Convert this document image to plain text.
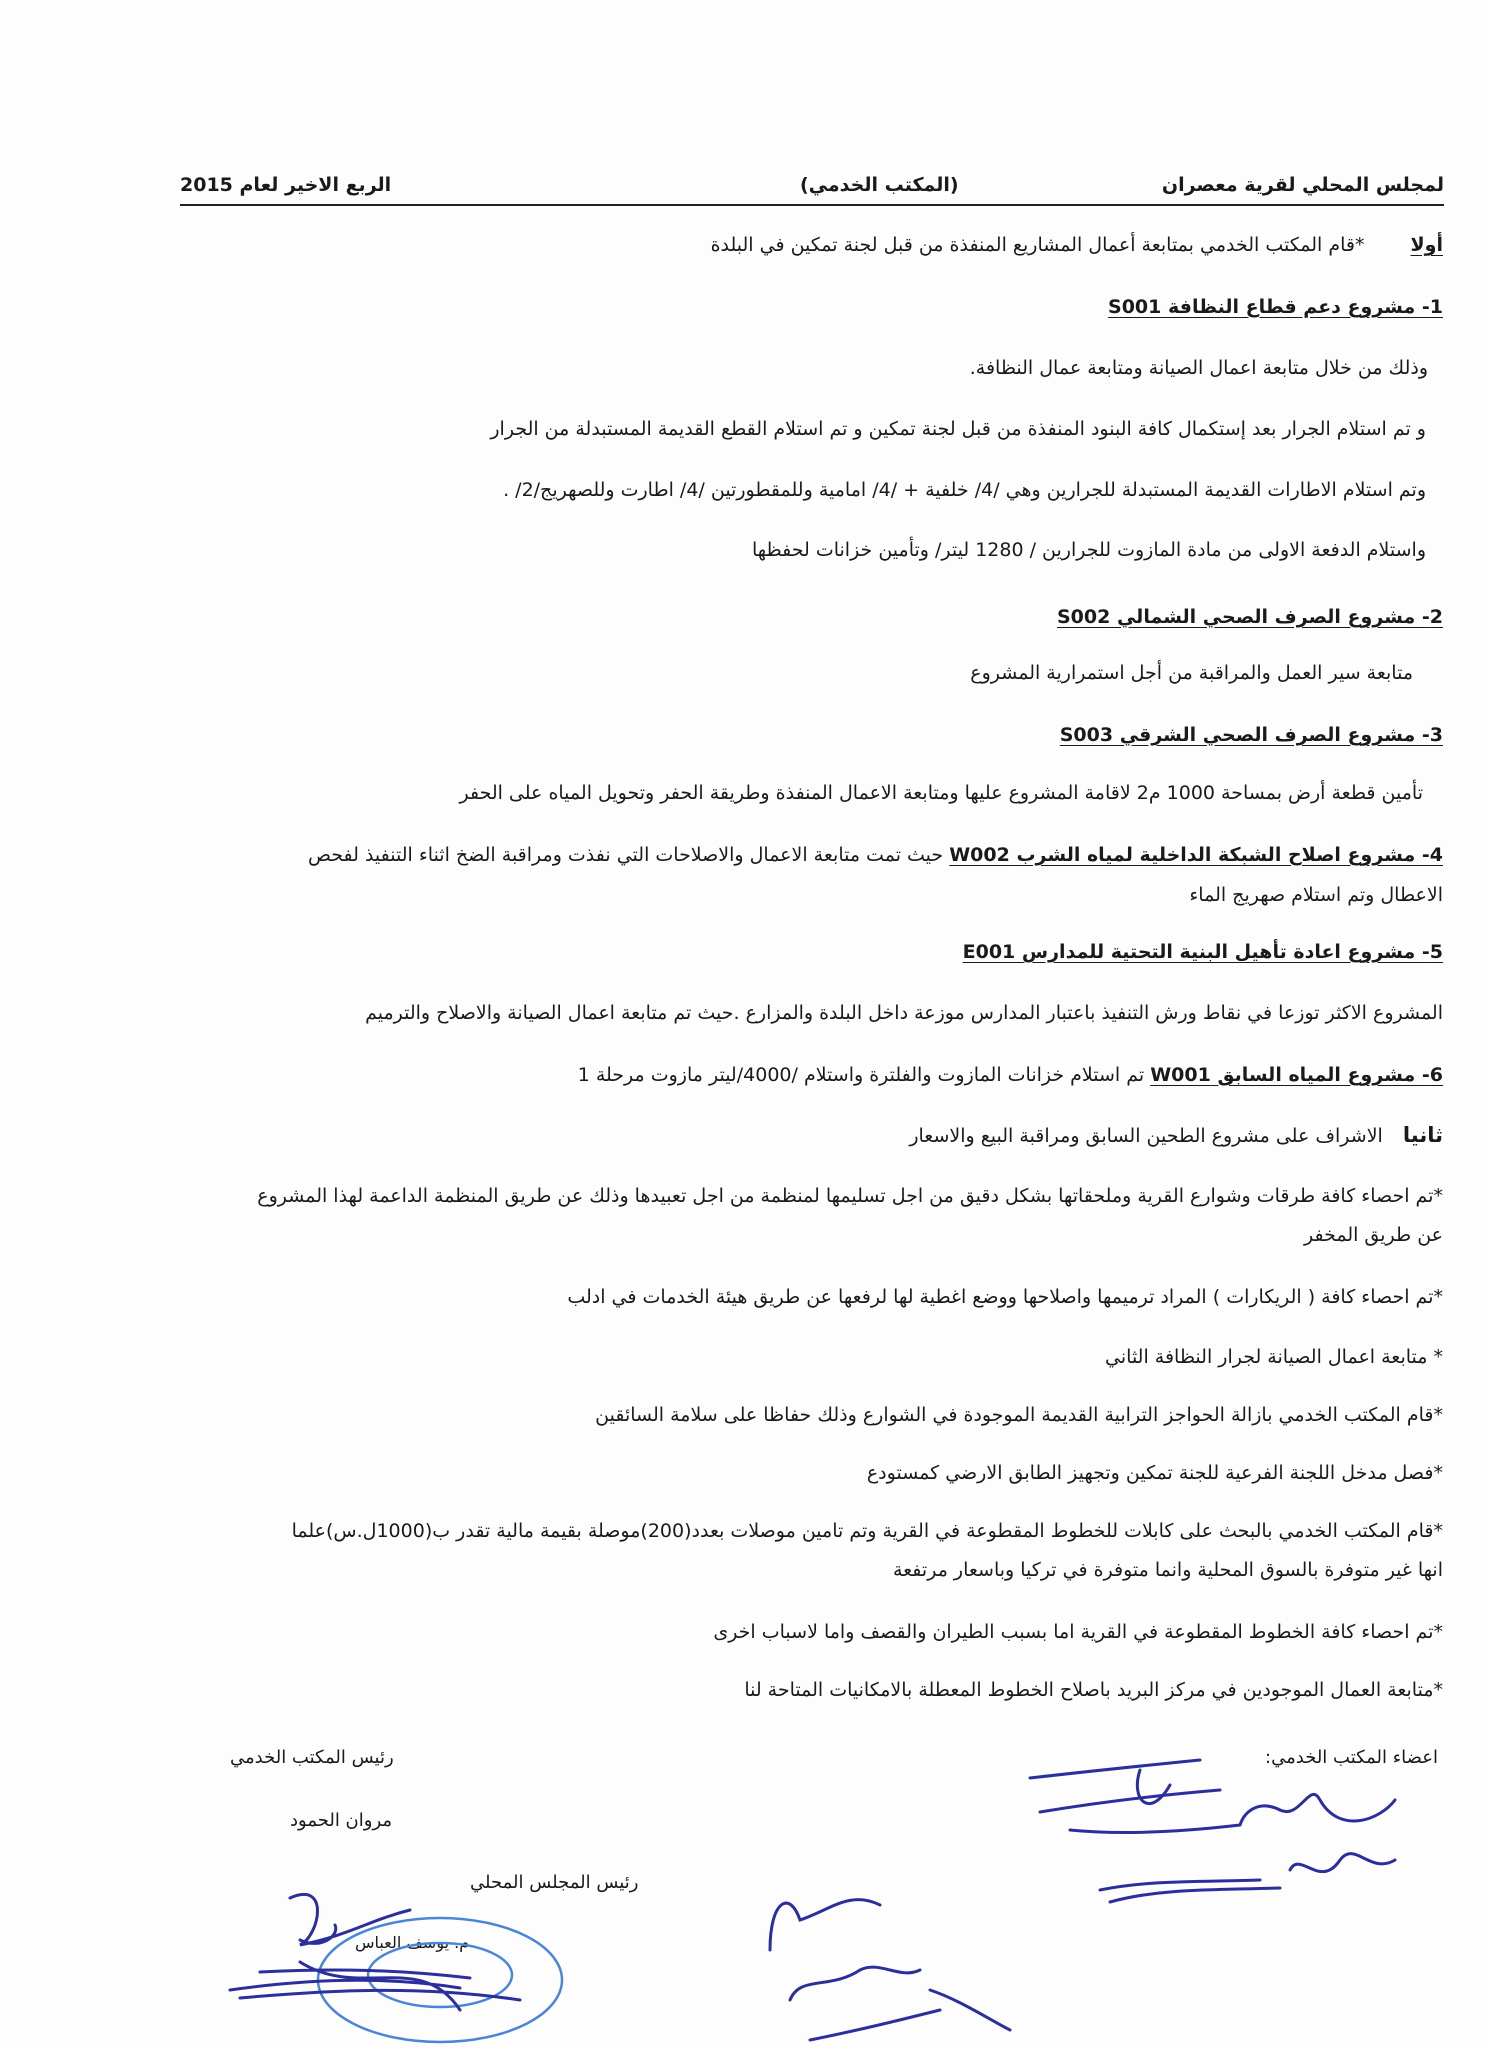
لمجلس المحلي لقرية معصران
(المكتب الخدمي)
الربع الاخير لعام 2015
أولا *قام المكتب الخدمي بمتابعة أعمال المشاريع المنفذة من قبل لجنة تمكين في البلدة
1- مشروع دعم قطاع النظافة S001
وذلك من خلال متابعة اعمال الصيانة ومتابعة عمال النظافة.
و تم استلام الجرار بعد إستكمال كافة البنود المنفذة من قبل لجنة تمكين و تم استلام القطع القديمة المستبدلة من الجرار
وتم استلام الاطارات القديمة المستبدلة للجرارين وهي /4/ خلفية + /4/ امامية وللمقطورتين /4/ اطارت وللصهريج/2/ .
واستلام الدفعة الاولى من مادة المازوت للجرارين / 1280 ليتر/ وتأمين خزانات لحفظها
2- مشروع الصرف الصحي الشمالي S002
متابعة سير العمل والمراقبة من أجل استمرارية المشروع
3- مشروع الصرف الصحي الشرقي S003
تأمين قطعة أرض بمساحة 1000 م2 لاقامة المشروع عليها ومتابعة الاعمال المنفذة وطريقة الحفر وتحويل المياه على الحفر
4- مشروع اصلاح الشبكة الداخلية لمياه الشرب W002 حيث تمت متابعة الاعمال والاصلاحات التي نفذت ومراقبة الضخ اثناء التنفيذ لفحص
الاعطال وتم استلام صهريج الماء
5- مشروع اعادة تأهيل البنية التحتية للمدارس E001
المشروع الاكثر توزعا في نقاط ورش التنفيذ باعتبار المدارس موزعة داخل البلدة والمزارع .حيث تم متابعة اعمال الصيانة والاصلاح والترميم
6- مشروع المياه السابق W001 تم استلام خزانات المازوت والفلترة واستلام /4000/ليتر مازوت مرحلة 1
ثانيا الاشراف على مشروع الطحين السابق ومراقبة البيع والاسعار
*تم احصاء كافة طرقات وشوارع القرية وملحقاتها بشكل دقيق من اجل تسليمها لمنظمة من اجل تعبيدها وذلك عن طريق المنظمة الداعمة لهذا المشروع
عن طريق المخفر
*تم احصاء كافة ( الريكارات ) المراد ترميمها واصلاحها ووضع اغطية لها لرفعها عن طريق هيئة الخدمات في ادلب
* متابعة اعمال الصيانة لجرار النظافة الثاني
*قام المكتب الخدمي بازالة الحواجز الترابية القديمة الموجودة في الشوارع وذلك حفاظا على سلامة السائقين
*فصل مدخل اللجنة الفرعية للجنة تمكين وتجهيز الطابق الارضي كمستودع
*قام المكتب الخدمي بالبحث على كابلات للخطوط المقطوعة في القرية وتم تامين موصلات بعدد(200)موصلة بقيمة مالية تقدر ب(1000ل.س)علما
انها غير متوفرة بالسوق المحلية وانما متوفرة في تركيا وباسعار مرتفعة
*تم احصاء كافة الخطوط المقطوعة في القرية اما بسبب الطيران والقصف واما لاسباب اخرى
*متابعة العمال الموجودين في مركز البريد باصلاح الخطوط المعطلة بالامكانيات المتاحة لنا
اعضاء المكتب الخدمي:
رئيس المكتب الخدمي
مروان الحمود
رئيس المجلس المحلي
م. يوسف العباس
